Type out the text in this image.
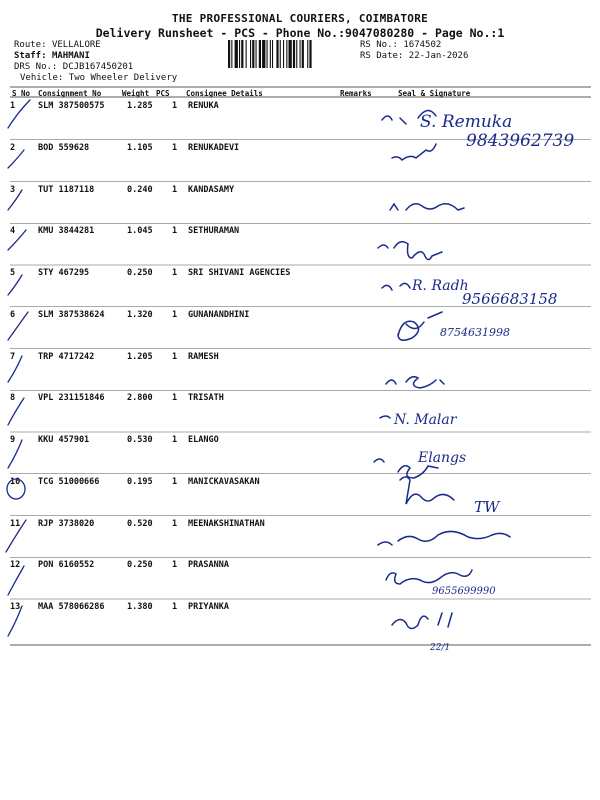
THE PROFESSIONAL COURIERS, COIMBATORE
Delivery Runsheet - PCS - Phone No.:9047080280 - Page No.:1
Route: VELLALORE
Staff: MAHMANI
DRS No.: DCJB167450201
Vehicle: Two Wheeler Delivery
RS No.: 1674502
RS Date: 22-Jan-2026
S No Consignment No	Weight PCS Consignee Details	Remarks	Seal & Signature
1	SLM 387500575	1.285 1 RENUKA
2	BOD 559628	1.105 1 RENUKADEVI
3	TUT 1187118	0.240 1 KANDASAMY
4	KMU 3844281	1.045 1 SETHURAMAN
5	STY 467295	0.250 1 SRI SHIVANI AGENCIES
6	SLM 387538624	1.320 1 GUNANANDHINI
7	TRP 4717242	1.205 1 RAMESH
8	VPL 231151846	2.800 1 TRISATH
9	KKU 457901	0.530 1 ELANGO
10 TCG 51000666	0.195 1 MANICKAVASAKAN
11 RJP 3738020	0.520 1 MEENAKSHINATHAN
12 PON 6160552	0.250 1 PRASANNA
13 MAA 578066286	1.380 1 PRIYANKA
S. Remuka
9843962739
R. Radh
9566683158
8754631998
N. Malar
Elangs
TW
9655699990
22/1
